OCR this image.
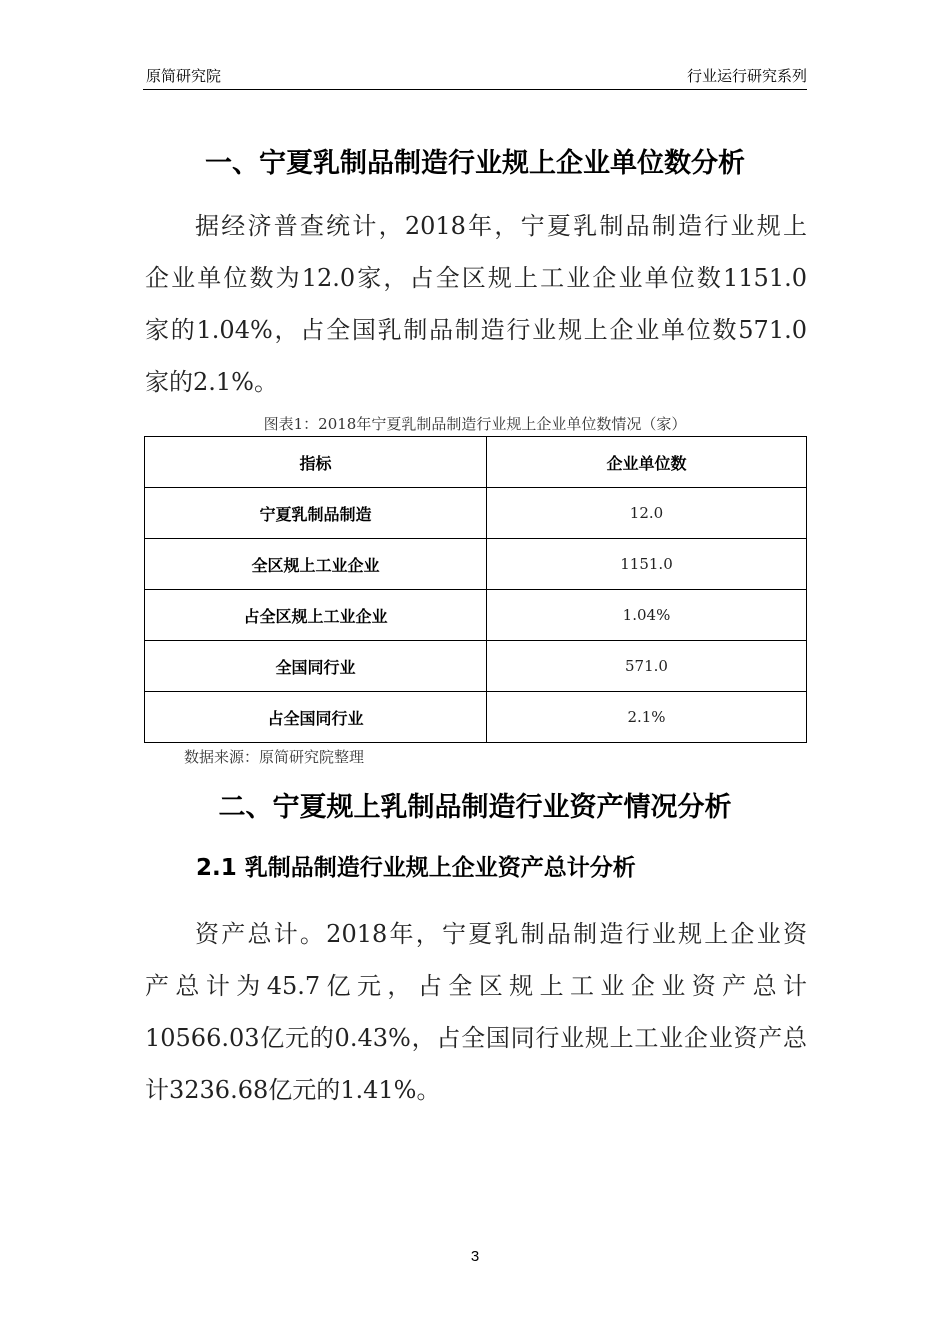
原简研究院	行业运行研究系列
一、宁夏乳制品制造行业规上企业单位数分析
据经济普查统计，2018年，宁夏乳制品制造行业规上
企业单位数为12.0家，占全区规上工业企业单位数1151.0
家的1.04%，占全国乳制品制造行业规上企业单位数571.0
家的2.1%。
图表1：2018年宁夏乳制品制造行业规上企业单位数情况（家）
指标	企业单位数
宁夏乳制品制造	12.0
全区规上工业企业	1151.0
占全区规上工业企业	1.04%
全国同行业	571.0
占全国同行业	2.1%
数据来源：原简研究院整理
二、宁夏规上乳制品制造行业资产情况分析
2.1 乳制品制造行业规上企业资产总计分析
资产总计。2018年，宁夏乳制品制造行业规上企业资
产总计为45.7亿元，占全区规上工业企业资产总计
10566.03亿元的0.43%，占全国同行业规上工业企业资产总
计3236.68亿元的1.41%。
3
